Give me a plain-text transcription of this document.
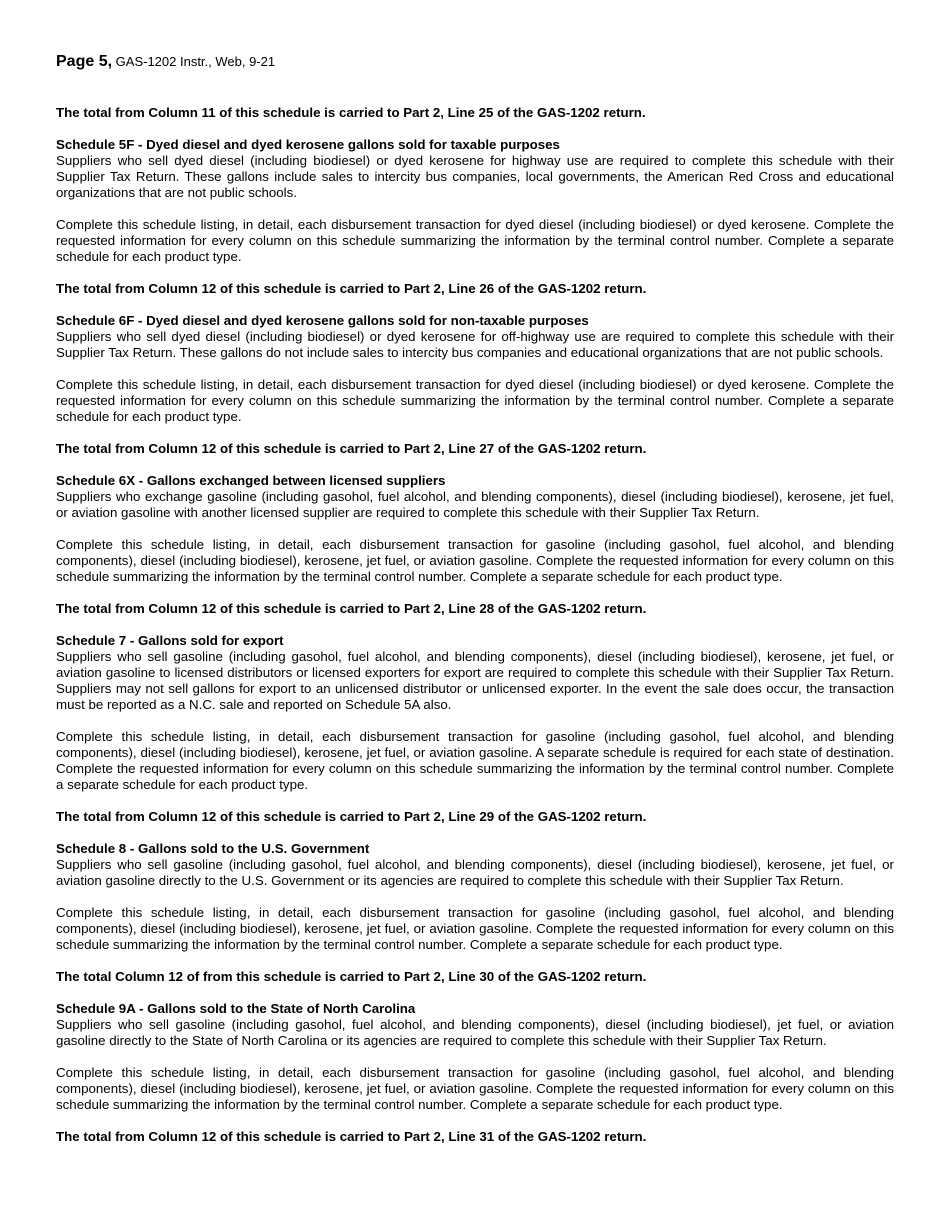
Page 5, GAS-1202 Instr., Web, 9-21

The total from Column 11 of this schedule is carried to Part 2, Line 25 of the GAS-1202 return.

Schedule 5F - Dyed diesel and dyed kerosene gallons sold for taxable purposes

Suppliers who sell dyed diesel (including biodiesel) or dyed kerosene for highway use are required to complete this schedule with their Supplier Tax Return. These gallons include sales to intercity bus companies, local governments, the American Red Cross and educational organizations that are not public schools.

Complete this schedule listing, in detail, each disbursement transaction for dyed diesel (including biodiesel) or dyed kerosene. Complete the requested information for every column on this schedule summarizing the information by the terminal control number. Complete a separate schedule for each product type.

The total from Column 12 of this schedule is carried to Part 2, Line 26 of the GAS-1202 return.

Schedule 6F - Dyed diesel and dyed kerosene gallons sold for non-taxable purposes

Suppliers who sell dyed diesel (including biodiesel) or dyed kerosene for off-highway use are required to complete this schedule with their Supplier Tax Return. These gallons do not include sales to intercity bus companies and educational organizations that are not public schools.

Complete this schedule listing, in detail, each disbursement transaction for dyed diesel (including biodiesel) or dyed kerosene. Complete the requested information for every column on this schedule summarizing the information by the terminal control number. Complete a separate schedule for each product type.

The total from Column 12 of this schedule is carried to Part 2, Line 27 of the GAS-1202 return.

Schedule 6X - Gallons exchanged between licensed suppliers

Suppliers who exchange gasoline (including gasohol, fuel alcohol, and blending components), diesel (including biodiesel), kerosene, jet fuel, or aviation gasoline with another licensed supplier are required to complete this schedule with their Supplier Tax Return.

Complete this schedule listing, in detail, each disbursement transaction for gasoline (including gasohol, fuel alcohol, and blending components), diesel (including biodiesel), kerosene, jet fuel, or aviation gasoline. Complete the requested information for every column on this schedule summarizing the information by the terminal control number. Complete a separate schedule for each product type.

The total from Column 12 of this schedule is carried to Part 2, Line 28 of the GAS-1202 return.

Schedule 7 - Gallons sold for export

Suppliers who sell gasoline (including gasohol, fuel alcohol, and blending components), diesel (including biodiesel), kerosene, jet fuel, or aviation gasoline to licensed distributors or licensed exporters for export are required to complete this schedule with their Supplier Tax Return. Suppliers may not sell gallons for export to an unlicensed distributor or unlicensed exporter. In the event the sale does occur, the transaction must be reported as a N.C. sale and reported on Schedule 5A also.

Complete this schedule listing, in detail, each disbursement transaction for gasoline (including gasohol, fuel alcohol, and blending components), diesel (including biodiesel), kerosene, jet fuel, or aviation gasoline. A separate schedule is required for each state of destination. Complete the requested information for every column on this schedule summarizing the information by the terminal control number. Complete a separate schedule for each product type.

The total from Column 12 of this schedule is carried to Part 2, Line 29 of the GAS-1202 return.

Schedule 8 - Gallons sold to the U.S. Government

Suppliers who sell gasoline (including gasohol, fuel alcohol, and blending components), diesel (including biodiesel), kerosene, jet fuel, or aviation gasoline directly to the U.S. Government or its agencies are required to complete this schedule with their Supplier Tax Return.

Complete this schedule listing, in detail, each disbursement transaction for gasoline (including gasohol, fuel alcohol, and blending components), diesel (including biodiesel), kerosene, jet fuel, or aviation gasoline. Complete the requested information for every column on this schedule summarizing the information by the terminal control number. Complete a separate schedule for each product type.

The total Column 12 of from this schedule is carried to Part 2, Line 30 of the GAS-1202 return.

Schedule 9A - Gallons sold to the State of North Carolina

Suppliers who sell gasoline (including gasohol, fuel alcohol, and blending components), diesel (including biodiesel), jet fuel, or aviation gasoline directly to the State of North Carolina or its agencies are required to complete this schedule with their Supplier Tax Return.

Complete this schedule listing, in detail, each disbursement transaction for gasoline (including gasohol, fuel alcohol, and blending components), diesel (including biodiesel), kerosene, jet fuel, or aviation gasoline. Complete the requested information for every column on this schedule summarizing the information by the terminal control number. Complete a separate schedule for each product type.

The total from Column 12 of this schedule is carried to Part 2, Line 31 of the GAS-1202 return.
